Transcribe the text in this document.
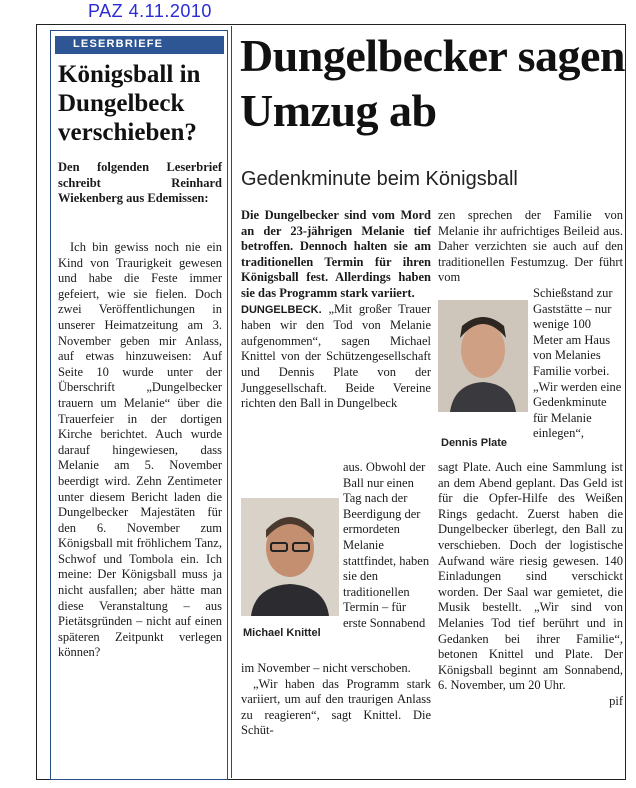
PAZ 4.11.2010
LESERBRIEFE
Königsball in Dungelbeck verschieben?
Den folgenden Leserbrief schreibt Reinhard Wiekenberg aus Edemissen:
Ich bin gewiss noch nie ein Kind von Traurigkeit gewesen und habe die Feste immer gefeiert, wie sie fielen. Doch zwei Veröffentlichungen in unserer Heimatzeitung am 3. November geben mir Anlass, auf etwas hinzuweisen: Auf Seite 10 wurde unter der Überschrift „Dungelbecker trauern um Melanie“ über die Trauerfeier in der dortigen Kirche berichtet. Auch wurde darauf hingewiesen, dass Melanie am 5. November beerdigt wird. Zehn Zentimeter unter diesem Bericht laden die Dungelbecker Majestäten für den 6. November zum Königsball mit fröhlichem Tanz, Schwof und Tombola ein. Ich meine: Der Königsball muss ja nicht ausfallen; aber hätte man diese Veranstaltung – aus Pietätsgründen – nicht auf einen späteren Zeitpunkt verlegen können?
Dungelbecker sagen Umzug ab
Gedenkminute beim Königsball

Die Dungelbecker sind vom Mord an der 23-jährigen Melanie tief betroffen. Dennoch halten sie am traditionellen Termin für ihren Königsball fest. Allerdings haben sie das Programm stark variiert.

DUNGELBECK. „Mit großer Trauer haben wir den Tod von Melanie aufgenommen“, sagen Michael Knittel von der Schützengesellschaft und Dennis Plate von der Junggesellschaft. Beide Vereine richten den Ball in Dungelbeck

aus. Obwohl der Ball nur einen Tag nach der Beerdigung der ermordeten Melanie stattfindet, haben sie den traditionellen Termin – für erste Sonnabend
Michael Knittel

im November – nicht verschoben.

„Wir haben das Programm stark variiert, um auf den traurigen Anlass zu reagieren“, sagt Knittel. Die Schüt-

zen sprechen der Familie von Melanie ihr aufrichtiges Beileid aus. Daher verzichten sie auch auf den traditionellen Festumzug. Der führt vom

Schießstand zur Gaststätte – nur wenige 100 Meter am Haus von Melanies Familie vorbei. „Wir werden eine Gedenkminute für Melanie einlegen“,
Dennis Plate

sagt Plate. Auch eine Sammlung ist an dem Abend geplant. Das Geld ist für die Opfer-Hilfe des Weißen Rings gedacht. Zuerst haben die Dungelbecker überlegt, den Ball zu verschieben. Doch der logistische Aufwand wäre riesig gewesen. 140 Einladungen sind verschickt worden. Der Saal war gemietet, die Musik bestellt. „Wir sind von Melanies Tod tief berührt und in Gedanken bei ihrer Familie“, betonen Knittel und Plate. Der Königsball beginnt am Sonnabend, 6. November, um 20 Uhr.

pif
